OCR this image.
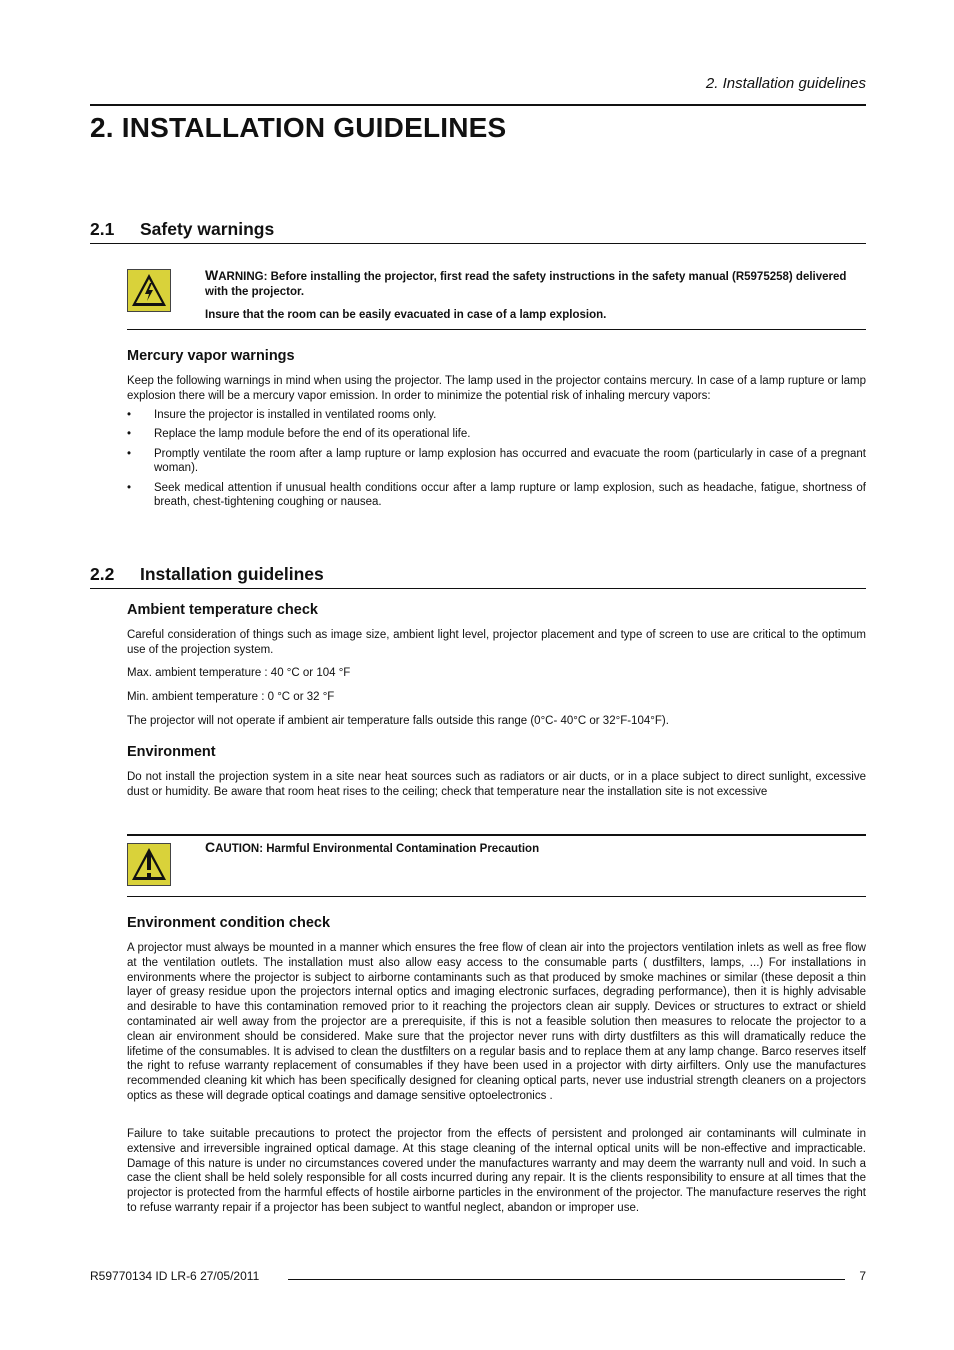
2. Installation guidelines
2. INSTALLATION GUIDELINES
2.1 Safety warnings
WARNING: Before installing the projector, first read the safety instructions in the safety manual (R5975258) delivered with the projector.
Insure that the room can be easily evacuated in case of a lamp explosion.
Mercury vapor warnings
Keep the following warnings in mind when using the projector. The lamp used in the projector contains mercury. In case of a lamp rupture or lamp explosion there will be a mercury vapor emission. In order to minimize the potential risk of inhaling mercury vapors:
• Insure the projector is installed in ventilated rooms only.
• Replace the lamp module before the end of its operational life.
• Promptly ventilate the room after a lamp rupture or lamp explosion has occurred and evacuate the room (particularly in case of a pregnant woman).
• Seek medical attention if unusual health conditions occur after a lamp rupture or lamp explosion, such as headache, fatigue, shortness of breath, chest-tightening coughing or nausea.
2.2 Installation guidelines
Ambient temperature check
Careful consideration of things such as image size, ambient light level, projector placement and type of screen to use are critical to the optimum use of the projection system.
Max. ambient temperature : 40 °C or 104 °F
Min. ambient temperature : 0 °C or 32 °F
The projector will not operate if ambient air temperature falls outside this range (0°C- 40°C or 32°F-104°F).
Environment
Do not install the projection system in a site near heat sources such as radiators or air ducts, or in a place subject to direct sunlight, excessive dust or humidity. Be aware that room heat rises to the ceiling; check that temperature near the installation site is not excessive
CAUTION: Harmful Environmental Contamination Precaution
Environment condition check
A projector must always be mounted in a manner which ensures the free flow of clean air into the projectors ventilation inlets as well as free flow at the ventilation outlets. The installation must also allow easy access to the consumable parts ( dustfilters, lamps, ...) For installations in environments where the projector is subject to airborne contaminants such as that produced by smoke machines or similar (these deposit a thin layer of greasy residue upon the projectors internal optics and imaging electronic surfaces, degrading performance), then it is highly advisable and desirable to have this contamination removed prior to it reaching the projectors clean air supply. Devices or structures to extract or shield contaminated air well away from the projector are a prerequisite, if this is not a feasible solution then measures to relocate the projector to a clean air environment should be considered. Make sure that the projector never runs with dirty dustfilters as this will dramatically reduce the lifetime of the consumables. It is advised to clean the dustfilters on a regular basis and to replace them at any lamp change. Barco reserves itself the right to refuse warranty replacement of consumables if they have been used in a projector with dirty airfilters. Only use the manufactures recommended cleaning kit which has been specifically designed for cleaning optical parts, never use industrial strength cleaners on a projectors optics as these will degrade optical coatings and damage sensitive optoelectronics .
Failure to take suitable precautions to protect the projector from the effects of persistent and prolonged air contaminants will culminate in extensive and irreversible ingrained optical damage. At this stage cleaning of the internal optical units will be non-effective and impracticable. Damage of this nature is under no circumstances covered under the manufactures warranty and may deem the warranty null and void. In such a case the client shall be held solely responsible for all costs incurred during any repair. It is the clients responsibility to ensure at all times that the projector is protected from the harmful effects of hostile airborne particles in the environment of the projector. The manufacture reserves the right to refuse warranty repair if a projector has been subject to wantful neglect, abandon or improper use.
R59770134 ID LR-6 27/05/2011	7
